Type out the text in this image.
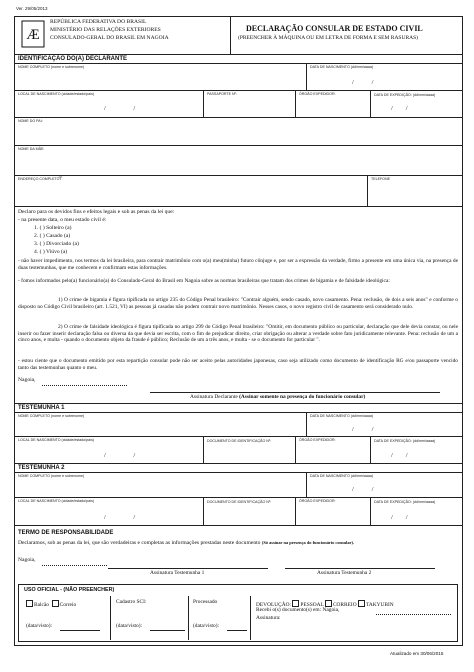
Ver. 29/05/2013
Æ
REPÚBLICA FEDERATIVA DO BRASIL
MINISTÉRIO DAS RELAÇÕES EXTERIORES
CONSULADO-GERAL DO BRASIL EM NAGOIA
DECLARAÇÃO CONSULAR DE ESTADO CIVIL
(PREENCHER À MÁQUINA OU EM LETRA DE FORMA E SEM RASURAS)
IDENTIFICAÇÃO DO(A) DECLARANTE
NOME COMPLETO (nome e sobrenome)	DATA DE NASCIMENTO (dd/mm/aaaa)
/           /
LOCAL DE NASCIMENTO (cidade/estado/país)
/                 /
PASSAPORTE Nº:	ÓRGÃO EXPEDIDOR:	DATA DE EXPEDIÇÃO: (dd/mm/aaaa)
/        /
NOME DO PAI:
NOME DA MÃE:
ENDEREÇO COMPLETO
〒	TELEFONE
Declaro para os devidos fins e efeitos legais e sob as penas da lei que:
- na presente data, o meu estado civil é:
1. ( ) Solteiro (a)
2. ( ) Casado (a)
3. ( ) Divorciado (a)
4. ( ) Viúvo (a)
- não haver impedimento, nos termos da lei brasileira, para contrair matrimônio com o(a) meu(minha) futuro cônjuge e, por ser a expressão da verdade, firmo a presente em uma única via, na presença de duas testemunhas, que me conhecem e confirmam estas informações.
- fomos informados pelo(a) funcionário(a) do Consulado-Geral do Brasil em Nagoia sobre as normas brasileiras que tratam dos crimes de bigamia e de falsidade ideológica:
1) O crime de bigamia é figura tipificada no artigo 235 do Código Penal brasileiro: "Contrair alguém, sendo casado, novo casamento. Pena: reclusão, de dois a seis anos" e conforme o disposto no Código Civil brasileiro (art. 1.521, VI) as pessoas já casadas não podem contrair novo matrimônio. Nesses casos, o novo registro civil de casamento será considerado nulo.
2) O crime de falsidade ideológica é figura tipificada no artigo 299 do Código Penal brasileiro: "Omitir, em documento público ou particular, declaração que dele devia constar, ou nele inserir ou fazer inserir declaração falsa ou diversa da que devia ser escrita, com o fim de prejudicar direito, criar obrigação ou alterar a verdade sobre fato juridicamente relevante. Pena: reclusão de um a cinco anos, e multa - quando o documento objeto da fraude é público; Reclusão de um a três anos, e multa - se o documento for particular ".
- estou ciente que o documento emitido por esta repartição consular pode não ser aceito pelas autoridades japonesas, caso seja utilizado como documento de identificação RG e/ou passaporte vencido tanto das testemunhas quanto o meu.
Nagoia,
Assinatura Declarante (Assinar somente na presença do funcionário consular)
TESTEMUNHA 1
NOME COMPLETO (nome e sobrenome)	DATA DE NASCIMENTO (dd/mm/aaaa)
/           /
LOCAL DE NASCIMENTO (cidade/estado/país)
/                 /
DOCUMENTO DE IDENTIFICAÇÃO Nº:	ÓRGÃO EXPEDIDOR:	DATA DE EXPEDIÇÃO: (dd/mm/aaaa)
/        /
TESTEMUNHA 2
NOME COMPLETO (nome e sobrenome)	DATA DE NASCIMENTO (dd/mm/aaaa)
/           /
LOCAL DE NASCIMENTO (cidade/estado/país)
/                 /
DOCUMENTO DE IDENTIFICAÇÃO Nº:	ÓRGÃO EXPEDIDOR:	DATA DE EXPEDIÇÃO: (dd/mm/aaaa)
/        /
TERMO DE RESPONSABILIDADE
Declaramos, sob as penas da lei, que são verdadeiras e completas as informações prestadas neste documento (Só assinar na presença do funcionário consular).
Nagoia,
Assinatura Testemunha 1	Assinatura Testemunha 2
USO OFICIAL - (NÃO PREENCHER)
Balcão Correio
(data/visto):
Cadastro SCI:
(data/visto):
Processado
(data/visto):
DEVOLUÇÃO: PESSOAL CORREIO TAKYUBIN
Recebi o(s) documento(s) em: Nagoia,
Assinatura:
Atualizado em 30/06/2015
